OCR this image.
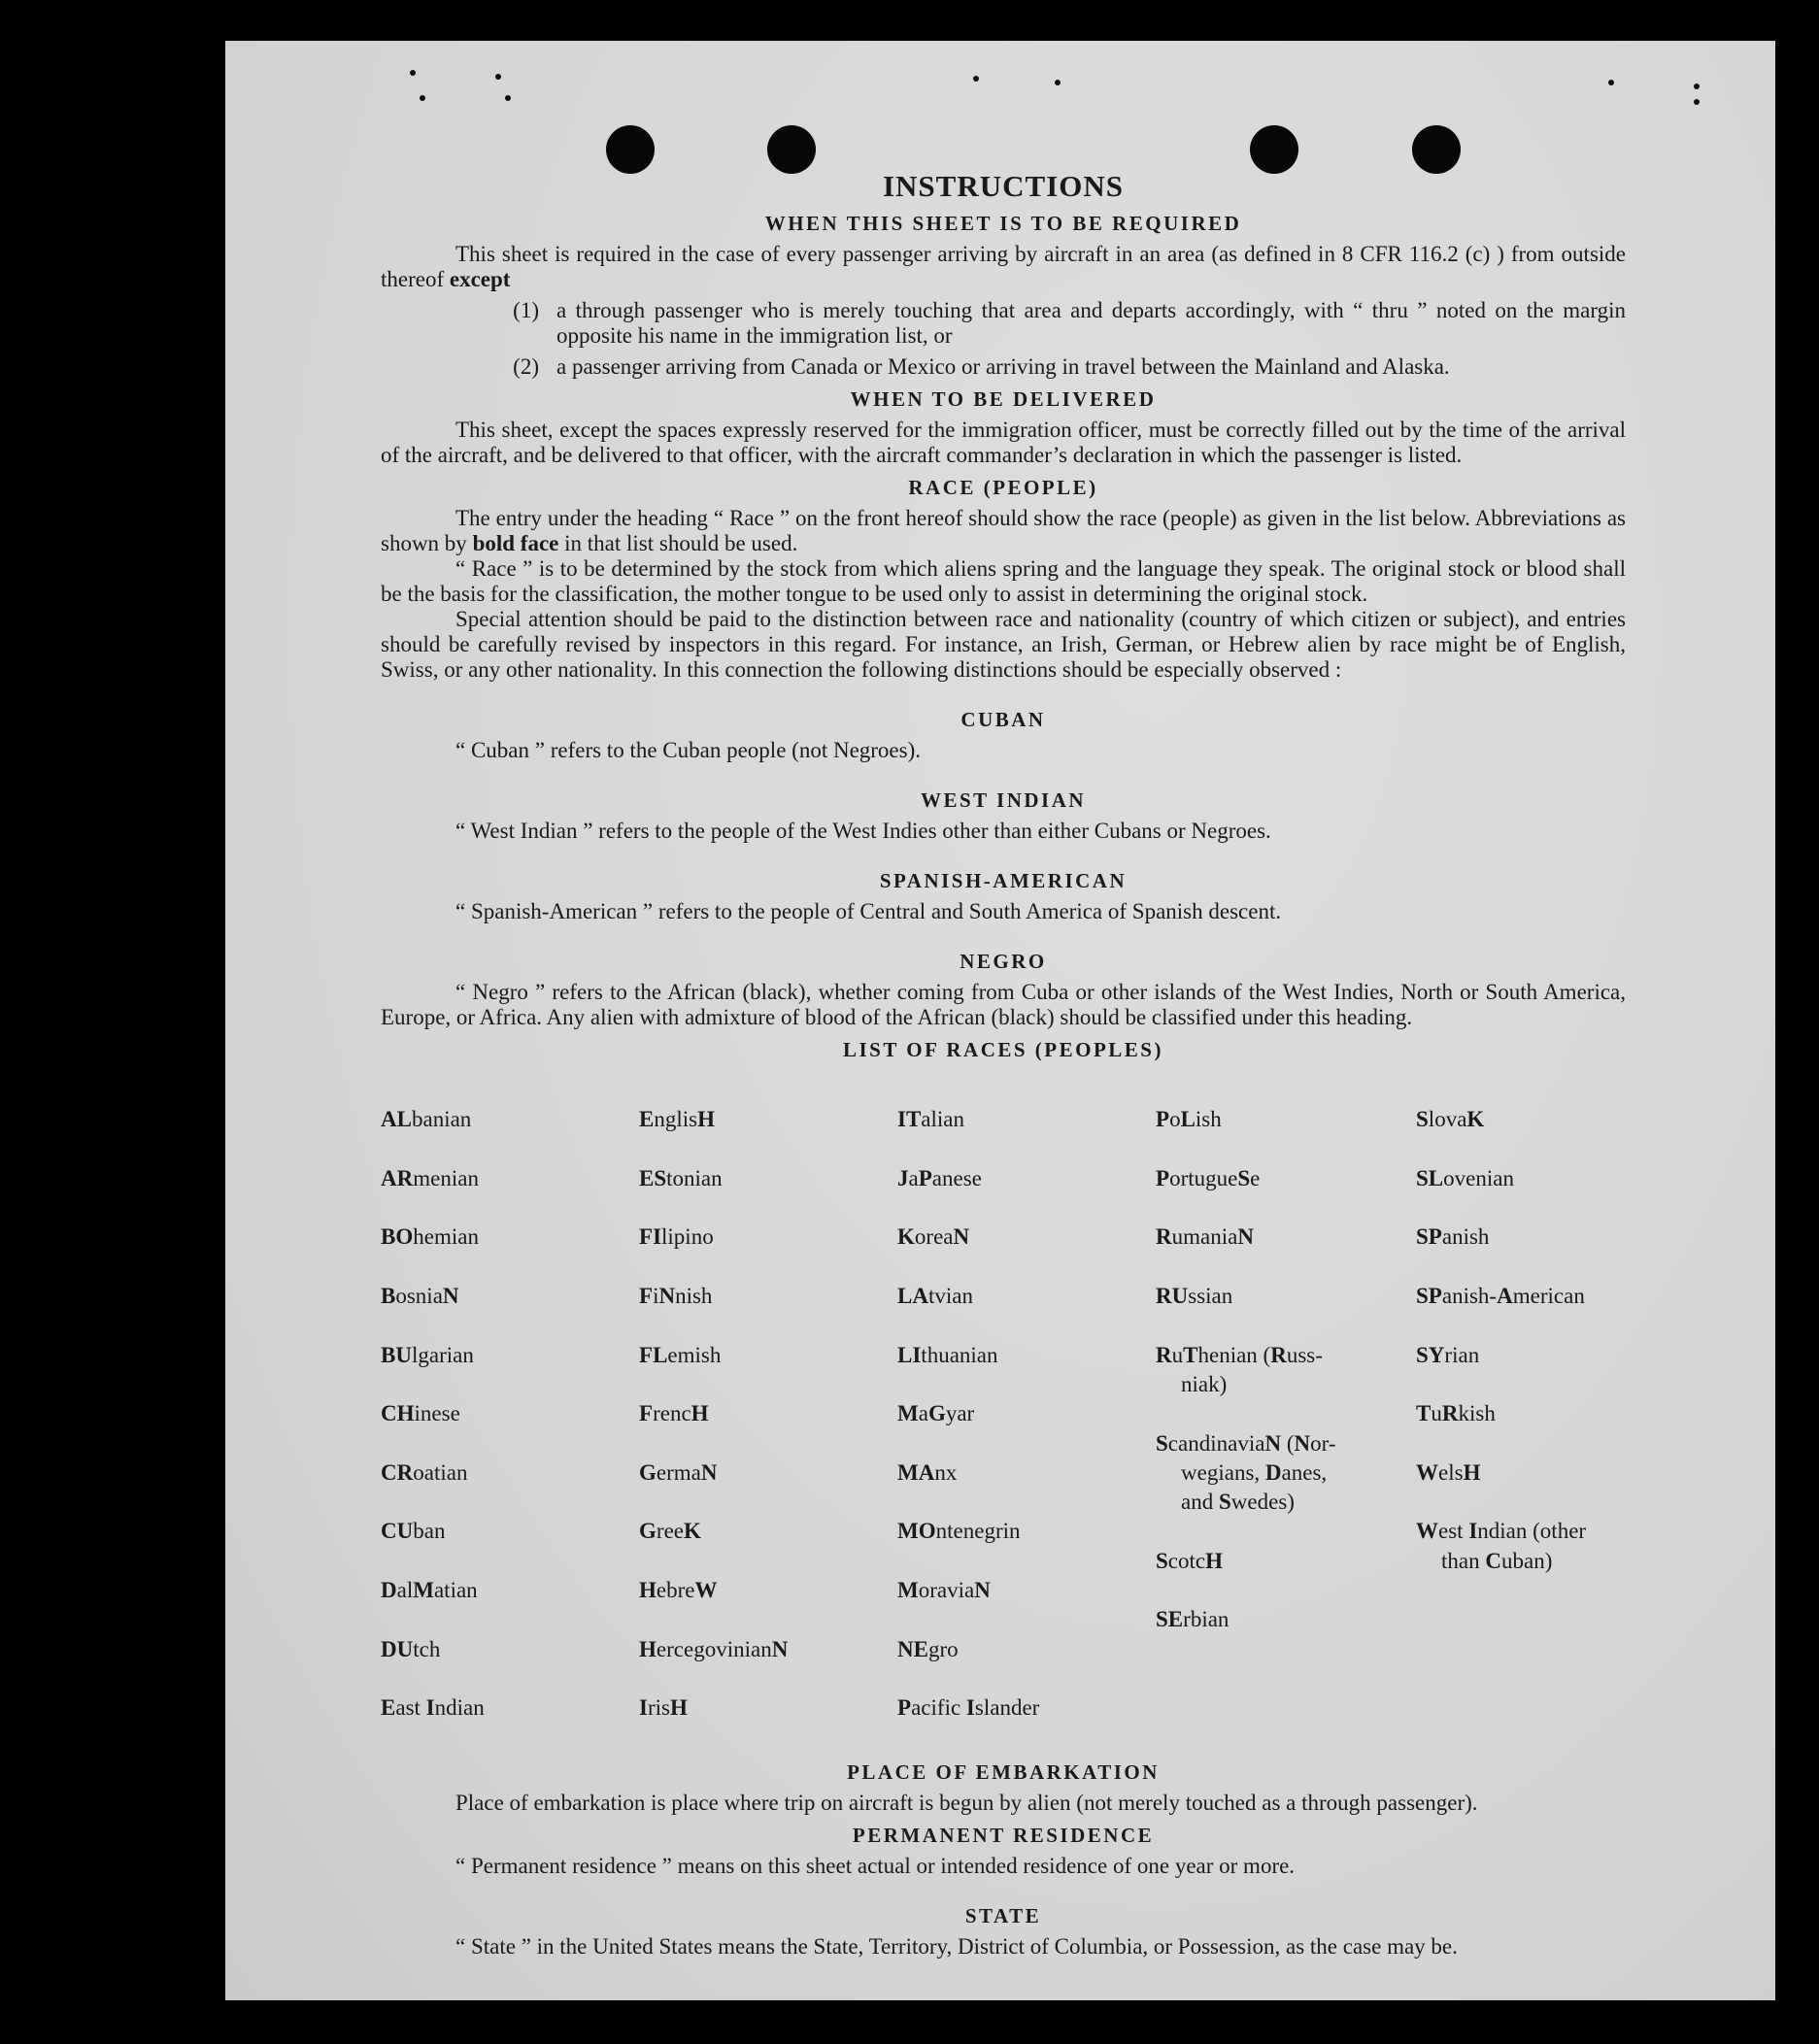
INSTRUCTIONS
WHEN THIS SHEET IS TO BE REQUIRED

This sheet is required in the case of every passenger arriving by aircraft in an area (as defined in 8 CFR 116.2 (c) ) from outside thereof except

(1) a through passenger who is merely touching that area and departs accordingly, with “ thru ” noted on the margin opposite his name in the immigration list, or
(2) a passenger arriving from Canada or Mexico or arriving in travel between the Mainland and Alaska.
WHEN TO BE DELIVERED

This sheet, except the spaces expressly reserved for the immigration officer, must be correctly filled out by the time of the arrival of the aircraft, and be delivered to that officer, with the aircraft commander’s declaration in which the passenger is listed.

RACE (PEOPLE)

The entry under the heading “ Race ” on the front hereof should show the race (people) as given in the list below. Abbreviations as shown by bold face in that list should be used.

“ Race ” is to be determined by the stock from which aliens spring and the language they speak. The original stock or blood shall be the basis for the classification, the mother tongue to be used only to assist in determining the original stock.

Special attention should be paid to the distinction between race and nationality (country of which citizen or subject), and entries should be carefully revised by inspectors in this regard. For instance, an Irish, German, or Hebrew alien by race might be of English, Swiss, or any other nationality. In this connection the following distinctions should be especially observed :

CUBAN

“ Cuban ” refers to the Cuban people (not Negroes).

WEST INDIAN

“ West Indian ” refers to the people of the West Indies other than either Cubans or Negroes.

SPANISH-AMERICAN

“ Spanish-American ” refers to the people of Central and South America of Spanish descent.

NEGRO

“ Negro ” refers to the African (black), whether coming from Cuba or other islands of the West Indies, North or South America, Europe, or Africa. Any alien with admixture of blood of the African (black) should be classified under this heading.

LIST OF RACES (PEOPLES)

ALbanian

ARmenian

BOhemian

BosniaN

BUlgarian

CHinese

CRoatian

CUban

DalMatian

DUtch

East Indian

EnglisH

EStonian

FIlipino

FiNnish

FLemish

FrencH

GermaN

GreeK

HebreW

HercegovinianN

IrisH

ITalian

JaPanese

KoreaN

LAtvian

LIthuanian

MaGyar

MAnx

MOntenegrin

MoraviaN

NEgro

Pacific Islander

PoLish

PortugueSe

RumaniaN

RUssian

RuThenian (Russ-
niak)

ScandinaviaN (Nor-
wegians, Danes,
and Swedes)

ScotcH

SErbian

SlovaK

SLovenian

SPanish

SPanish-American

SYrian

TuRkish

WelsH

West Indian (other
than Cuban)

PLACE OF EMBARKATION

Place of embarkation is place where trip on aircraft is begun by alien (not merely touched as a through passenger).

PERMANENT RESIDENCE

“ Permanent residence ” means on this sheet actual or intended residence of one year or more.

STATE

“ State ” in the United States means the State, Territory, District of Columbia, or Possession, as the case may be.
